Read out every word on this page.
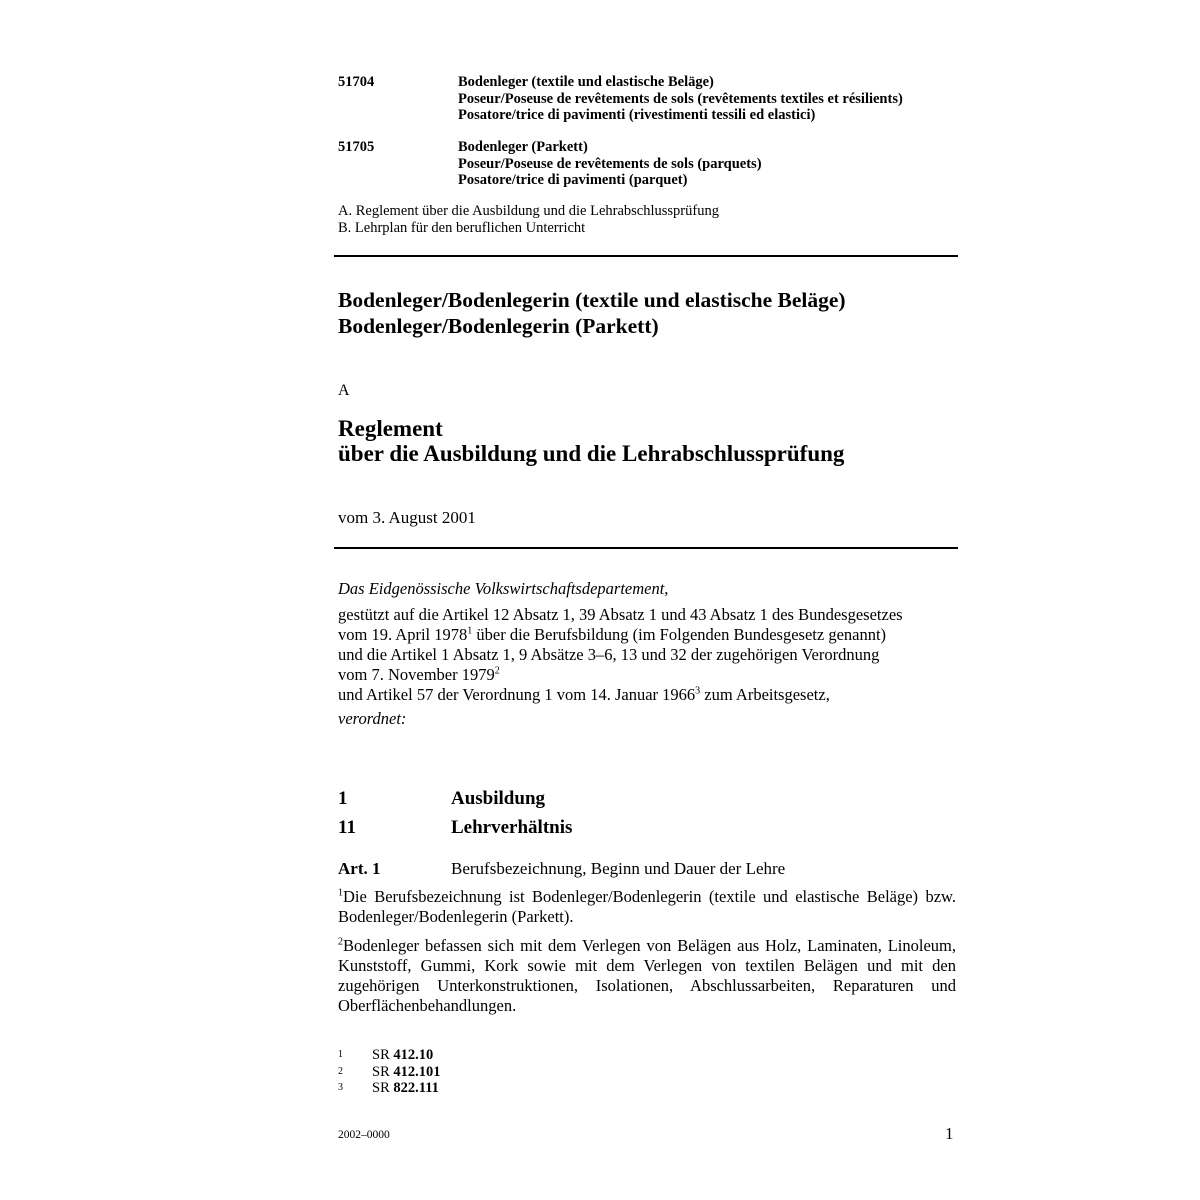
51704	Bodenleger (textile und elastische Beläge)
Poseur/Poseuse de revêtements de sols (revêtements textiles et résilients)
Posatore/trice di pavimenti (rivestimenti tessili ed elastici)
51705	Bodenleger (Parkett)
Poseur/Poseuse de revêtements de sols (parquets)
Posatore/trice di pavimenti (parquet)
A. Reglement über die Ausbildung und die Lehrabschlussprüfung
B. Lehrplan für den beruflichen Unterricht
Bodenleger/Bodenlegerin (textile und elastische Beläge)
Bodenleger/Bodenlegerin (Parkett)
A
Reglement
über die Ausbildung und die Lehrabschlussprüfung
vom 3. August 2001
Das Eidgenössische Volkswirtschaftsdepartement,
gestützt auf die Artikel 12 Absatz 1, 39 Absatz 1 und 43 Absatz 1 des Bundesgesetzes
vom 19. April 1978$^1$ über die Berufsbildung (im Folgenden Bundesgesetz genannt)
und die Artikel 1 Absatz 1, 9 Absätze 3–6, 13 und 32 der zugehörigen Verordnung
vom 7. November 1979$^2$
und Artikel 57 der Verordnung 1 vom 14. Januar 1966$^3$ zum Arbeitsgesetz,
verordnet:
1	Ausbildung
11	Lehrverhältnis
Art. 1	Berufsbezeichnung, Beginn und Dauer der Lehre
$^1$Die Berufsbezeichnung ist Bodenleger/Bodenlegerin (textile und elastische Beläge) bzw. Bodenleger/Bodenlegerin (Parkett).
$^2$Bodenleger befassen sich mit dem Verlegen von Belägen aus Holz, Laminaten, Linoleum, Kunststoff, Gummi, Kork sowie mit dem Verlegen von textilen Belägen und mit den zugehörigen Unterkonstruktionen, Isolationen, Abschlussarbeiten, Reparaturen und Oberflächenbehandlungen.
1 SR 412.10
2 SR 412.101
3 SR 822.111
2002–0000	1
